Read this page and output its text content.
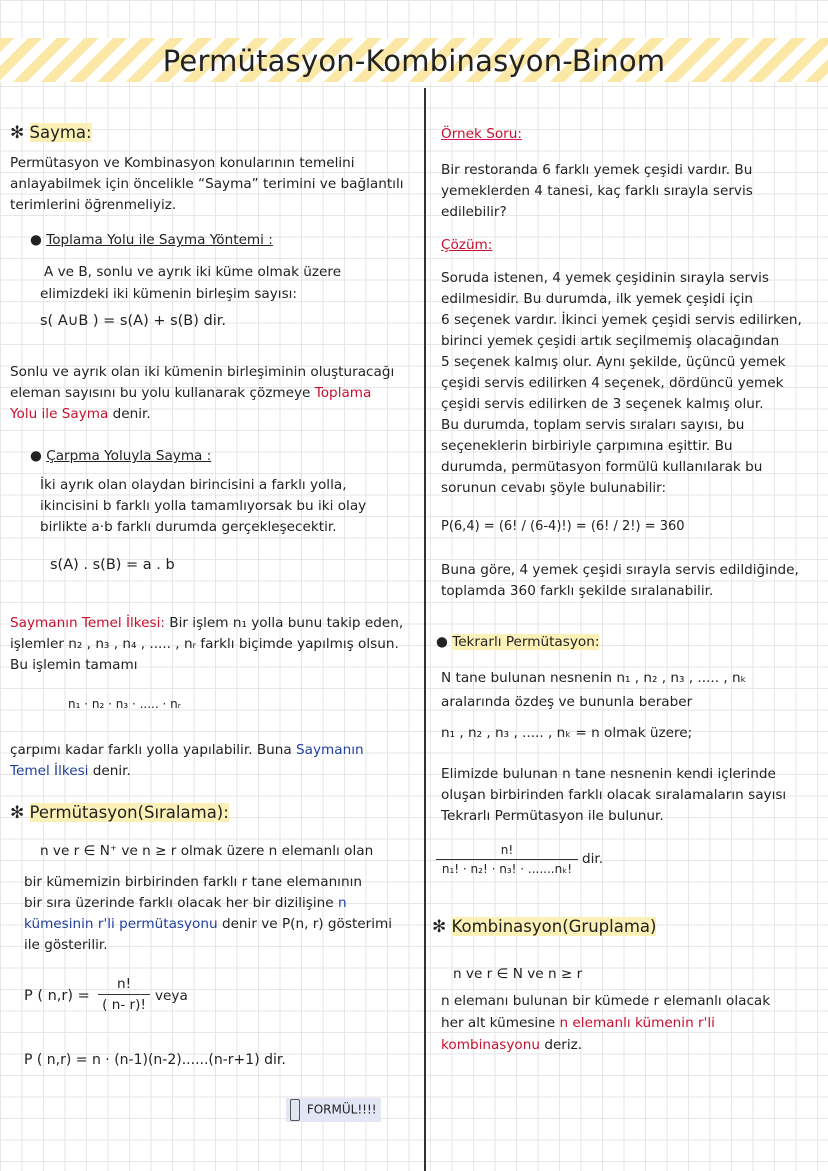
Permütasyon-Kombinasyon-Binom
✻ Sayma:
Permütasyon ve Kombinasyon konularının temelini
anlayabilmek için öncelikle “Sayma” terimini ve bağlantılı
terimlerini öğrenmeliyiz.
● Toplama Yolu ile Sayma Yöntemi :
A ve B, sonlu ve ayrık iki küme olmak üzere
elimizdeki iki kümenin birleşim sayısı:
s( A∪B ) = s(A) + s(B) dir.
Sonlu ve ayrık olan iki kümenin birleşiminin oluşturacağı
eleman sayısını bu yolu kullanarak çözmeye Toplama
Yolu ile Sayma denir.
● Çarpma Yoluyla Sayma :
İki ayrık olan olaydan birincisini a farklı yolla,
ikincisini b farklı yolla tamamlıyorsak bu iki olay
birlikte a·b farklı durumda gerçekleşecektir.
s(A) . s(B) = a . b
Saymanın Temel İlkesi: Bir işlem n₁ yolla bunu takip eden,
işlemler n₂ , n₃ , n₄ , ..... , nᵣ farklı biçimde yapılmış olsun.
Bu işlemin tamamı
n₁ · n₂ · n₃ · ..... · nᵣ
çarpımı kadar farklı yolla yapılabilir. Buna Saymanın
Temel İlkesi denir.
✻ Permütasyon(Sıralama):
n ve r ∈ N⁺ ve n ≥ r olmak üzere n elemanlı olan
bir kümemizin birbirinden farklı r tane elemanının
bir sıra üzerinde farklı olacak her bir dizilişine n
kümesinin r'li permütasyonu denir ve P(n, r) gösterimi
ile gösterilir.
P ( n,r) =
n!
( n- r)!
veya
P ( n,r) = n · (n-1)(n-2)......(n-r+1) dir.
FORMÜL!!!!
Örnek Soru:
Bir restoranda 6 farklı yemek çeşidi vardır. Bu
yemeklerden 4 tanesi, kaç farklı sırayla servis
edilebilir?
Çözüm:
Soruda istenen, 4 yemek çeşidinin sırayla servis
edilmesidir. Bu durumda, ilk yemek çeşidi için
6 seçenek vardır. İkinci yemek çeşidi servis edilirken,
birinci yemek çeşidi artık seçilmemiş olacağından
5 seçenek kalmış olur. Aynı şekilde, üçüncü yemek
çeşidi servis edilirken 4 seçenek, dördüncü yemek
çeşidi servis edilirken de 3 seçenek kalmış olur.
Bu durumda, toplam servis sıraları sayısı, bu
seçeneklerin birbiriyle çarpımına eşittir. Bu
durumda, permütasyon formülü kullanılarak bu
sorunun cevabı şöyle bulunabilir:
P(6,4) = (6! / (6-4)!) = (6! / 2!) = 360
Buna göre, 4 yemek çeşidi sırayla servis edildiğinde,
toplamda 360 farklı şekilde sıralanabilir.
● Tekrarlı Permütasyon:
N tane bulunan nesnenin n₁ , n₂ , n₃ , ..... , nₖ
aralarında özdeş ve bununla beraber
n₁ , n₂ , n₃ , ..... , nₖ = n olmak üzere;
Elimizde bulunan n tane nesnenin kendi içlerinde
oluşan birbirinden farklı olacak sıralamaların sayısı
Tekrarlı Permütasyon ile bulunur.
n!
n₁! · n₂! · n₃! · .......nₖ!
dir.
✻ Kombinasyon(Gruplama)
n ve r ∈ N ve n ≥ r
n elemanı bulunan bir kümede r elemanlı olacak
her alt kümesine n elemanlı kümenin r'li
kombinasyonu deriz.
